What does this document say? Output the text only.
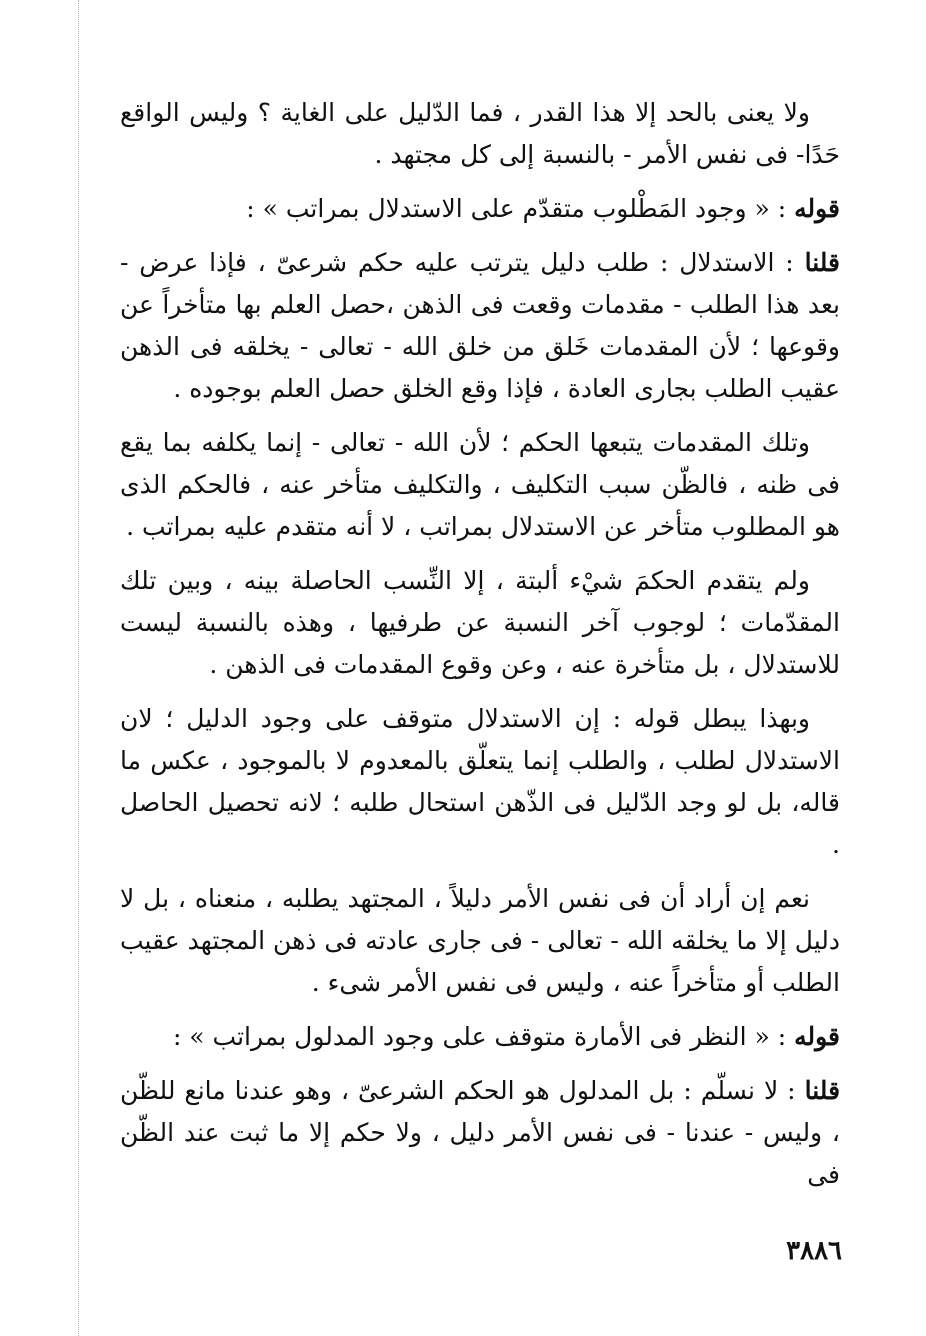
ولا يعنى بالحد إلا هذا القدر ، فما الدّليل على الغاية ؟ وليس الواقع حَدًا- فى نفس الأمر - بالنسبة إلى كل مجتهد .

قوله : « وجود المَطْلوب متقدّم على الاستدلال بمراتب » :

قلنا : الاستدلال : طلب دليل يترتب عليه حكم شرعىّ ، فإذا عرض - بعد هذا الطلب - مقدمات وقعت فى الذهن ،حصل العلم بها متأخراً عن وقوعها ؛ لأن المقدمات خَلق من خلق الله - تعالى - يخلقه فى الذهن عقيب الطلب بجارى العادة ، فإذا وقع الخلق حصل العلم بوجوده .

وتلك المقدمات يتبعها الحكم ؛ لأن الله - تعالى - إنما يكلفه بما يقع فى ظنه ، فالظّن سبب التكليف ، والتكليف متأخر عنه ، فالحكم الذى هو المطلوب متأخر عن الاستدلال بمراتب ، لا أنه متقدم عليه بمراتب .

ولم يتقدم الحكمَ شيْء ألبتة ، إلا النِّسب الحاصلة بينه ، وبين تلك المقدّمات ؛ لوجوب آخر النسبة عن طرفيها ، وهذه بالنسبة ليست للاستدلال ، بل متأخرة عنه ، وعن وقوع المقدمات فى الذهن .

وبهذا يبطل قوله : إن الاستدلال متوقف على وجود الدليل ؛ لان الاستدلال لطلب ، والطلب إنما يتعلّق بالمعدوم لا بالموجود ، عكس ما قاله، بل لو وجد الدّليل فى الذّهن استحال طلبه ؛ لانه تحصيل الحاصل .

نعم إن أراد أن فى نفس الأمر دليلاً ، المجتهد يطلبه ، منعناه ، بل لا دليل إلا ما يخلقه الله - تعالى - فى جارى عادته فى ذهن المجتهد عقيب الطلب أو متأخراً عنه ، وليس فى نفس الأمر شىء .

قوله : « النظر فى الأمارة متوقف على وجود المدلول بمراتب » :

قلنا : لا نسلّم : بل المدلول هو الحكم الشرعىّ ، وهو عندنا مانع للظّن ، وليس - عندنا - فى نفس الأمر دليل ، ولا حكم إلا ما ثبت عند الظّن فى

٣٨٨٦
